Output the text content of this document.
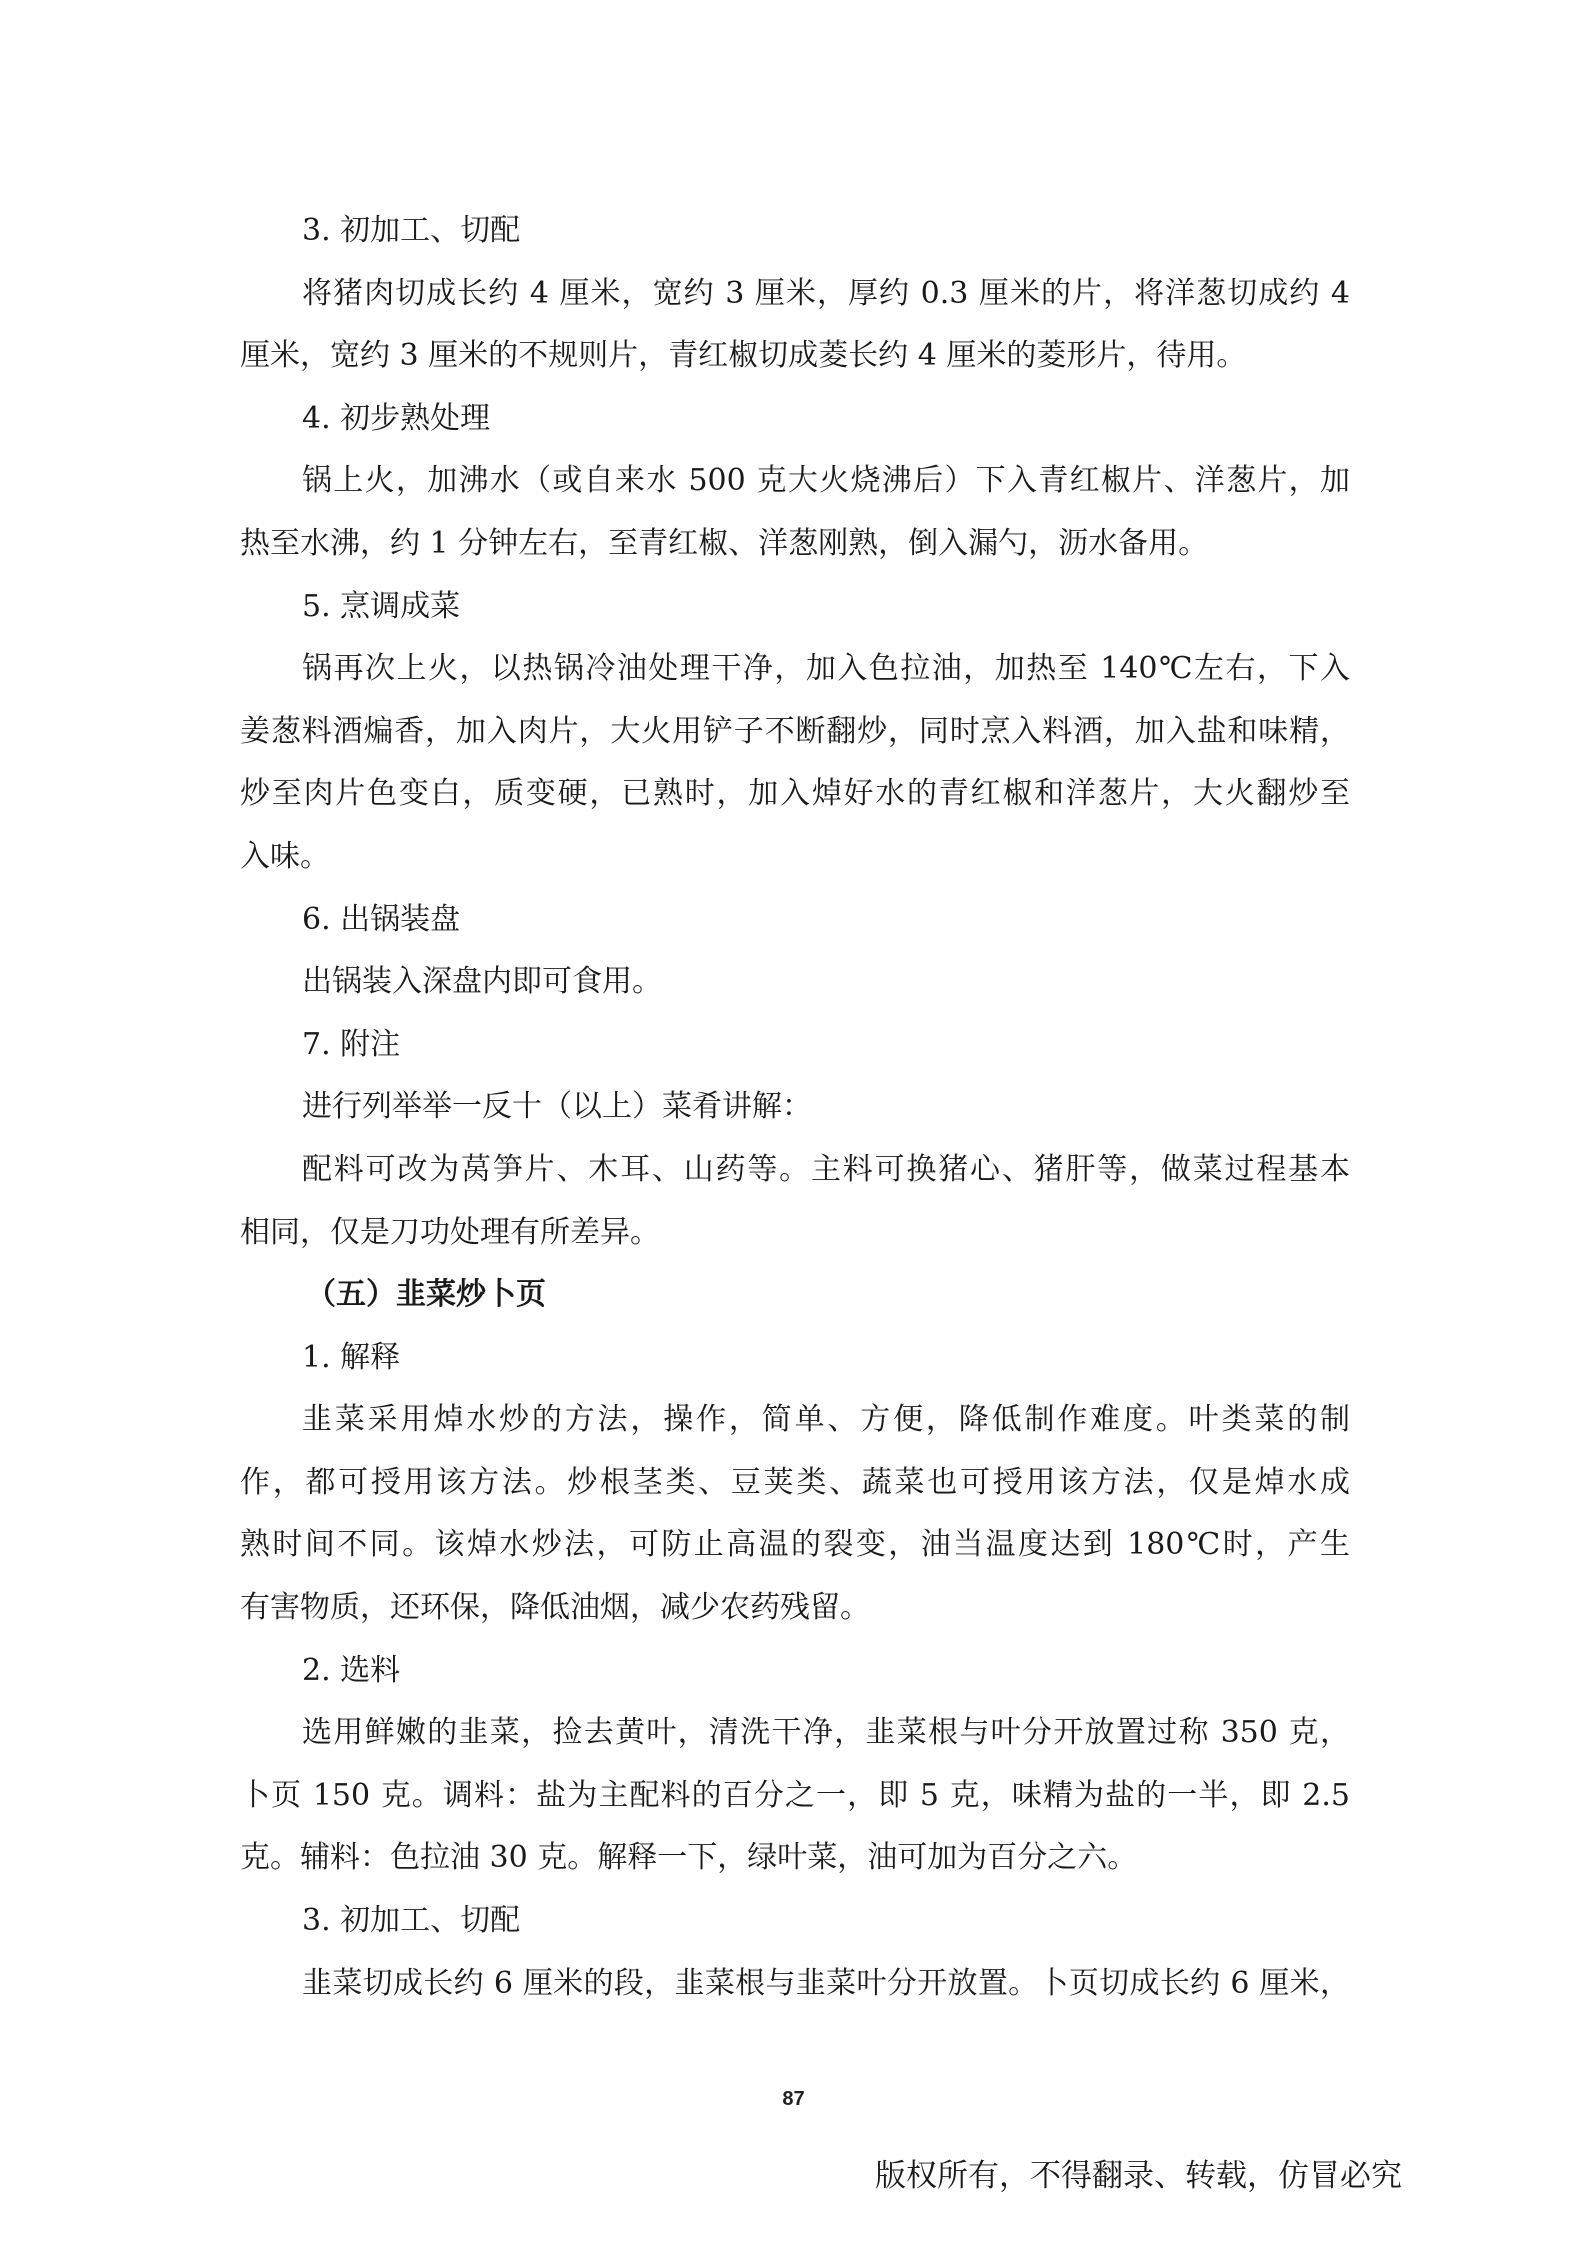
3. 初加工、切配
将猪肉切成长约 4 厘米，宽约 3 厘米，厚约 0.3 厘米的片，将洋葱切成约 4
厘米，宽约 3 厘米的不规则片，青红椒切成菱长约 4 厘米的菱形片，待用。
4. 初步熟处理
锅上火，加沸水（或自来水 500 克大火烧沸后）下入青红椒片、洋葱片，加
热至水沸，约 1 分钟左右，至青红椒、洋葱刚熟，倒入漏勺，沥水备用。
5. 烹调成菜
锅再次上火，以热锅冷油处理干净，加入色拉油，加热至 140℃左右，下入
姜葱料酒煸香，加入肉片，大火用铲子不断翻炒，同时烹入料酒，加入盐和味精，
炒至肉片色变白，质变硬，已熟时，加入焯好水的青红椒和洋葱片，大火翻炒至
入味。
6. 出锅装盘
出锅装入深盘内即可食用。
7. 附注
进行列举举一反十（以上）菜肴讲解：
配料可改为莴笋片、木耳、山药等。主料可换猪心、猪肝等，做菜过程基本
相同，仅是刀功处理有所差异。
（五）韭菜炒卜页
1. 解释
韭菜采用焯水炒的方法，操作，简单、方便，降低制作难度。叶类菜的制
作，都可授用该方法。炒根茎类、豆荚类、蔬菜也可授用该方法，仅是焯水成
熟时间不同。该焯水炒法，可防止高温的裂变，油当温度达到 180℃时，产生
有害物质，还环保，降低油烟，减少农药残留。
2. 选料
选用鲜嫩的韭菜，捡去黄叶，清洗干净，韭菜根与叶分开放置过称 350 克，
卜页 150 克。调料：盐为主配料的百分之一，即 5 克，味精为盐的一半，即 2.5
克。辅料：色拉油 30 克。解释一下，绿叶菜，油可加为百分之六。
3. 初加工、切配
韭菜切成长约 6 厘米的段，韭菜根与韭菜叶分开放置。卜页切成长约 6 厘米，
87
版权所有，不得翻录、转载，仿冒必究
